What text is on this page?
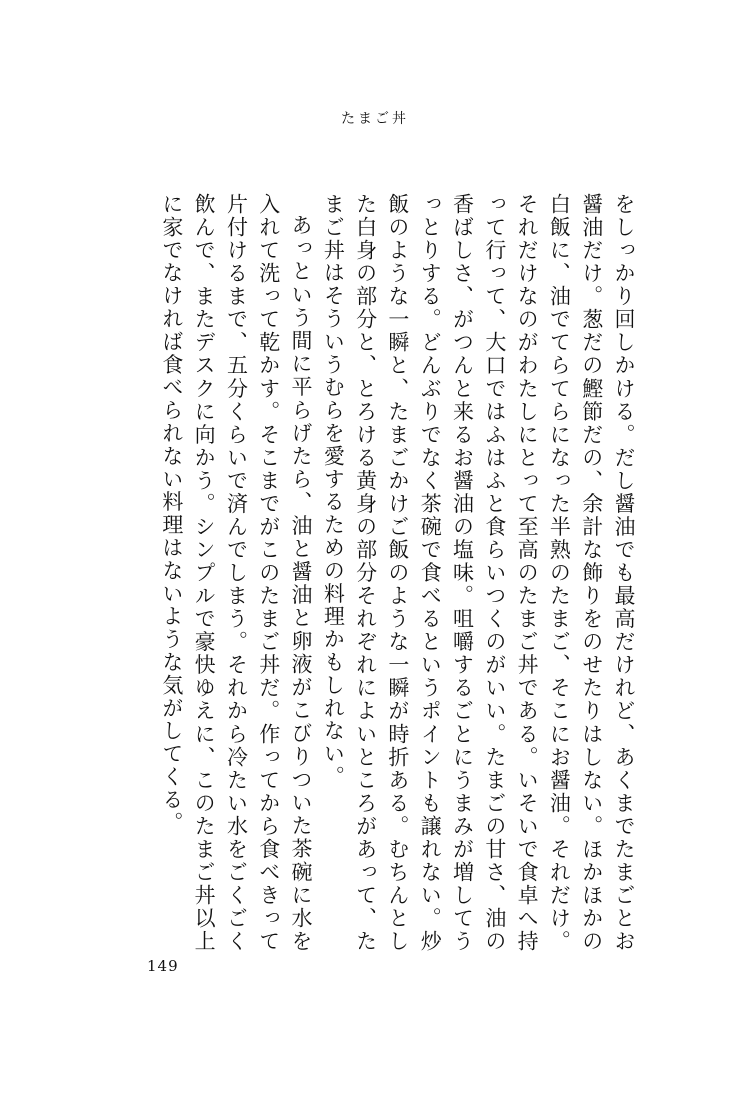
たまご丼

をしっかり回しかける。だし醤油でも最高だけれど、あくまでたまごとお醤油だけ。葱だの鰹節だの、余計な飾りをのせたりはしない。ほかほかの白飯に、油でてらてらになった半熟のたまご、そこにお醤油。それだけ。それだけなのがわたしにとって至高のたまご丼である。いそいで食卓へ持って行って、大口ではふはふと食らいつくのがいい。たまごの甘さ、油の香ばしさ、がつんと来るお醤油の塩味。咀嚼するごとにうまみが増してうっとりする。どんぶりでなく茶碗で食べるというポイントも譲れない。炒飯のような一瞬と、たまごかけご飯のような一瞬が時折ある。むちんとした白身の部分と、とろける黄身の部分それぞれによいところがあって、たまご丼はそういうむらを愛するための料理かもしれない。

あっという間に平らげたら、油と醤油と卵液がこびりついた茶碗に水を入れて洗って乾かす。そこまでがこのたまご丼だ。作ってから食べきって片付けるまで、五分くらいで済んでしまう。それから冷たい水をごくごく飲んで、またデスクに向かう。シンプルで豪快ゆえに、このたまご丼以上に家でなければ食べられない料理はないような気がしてくる。

149
